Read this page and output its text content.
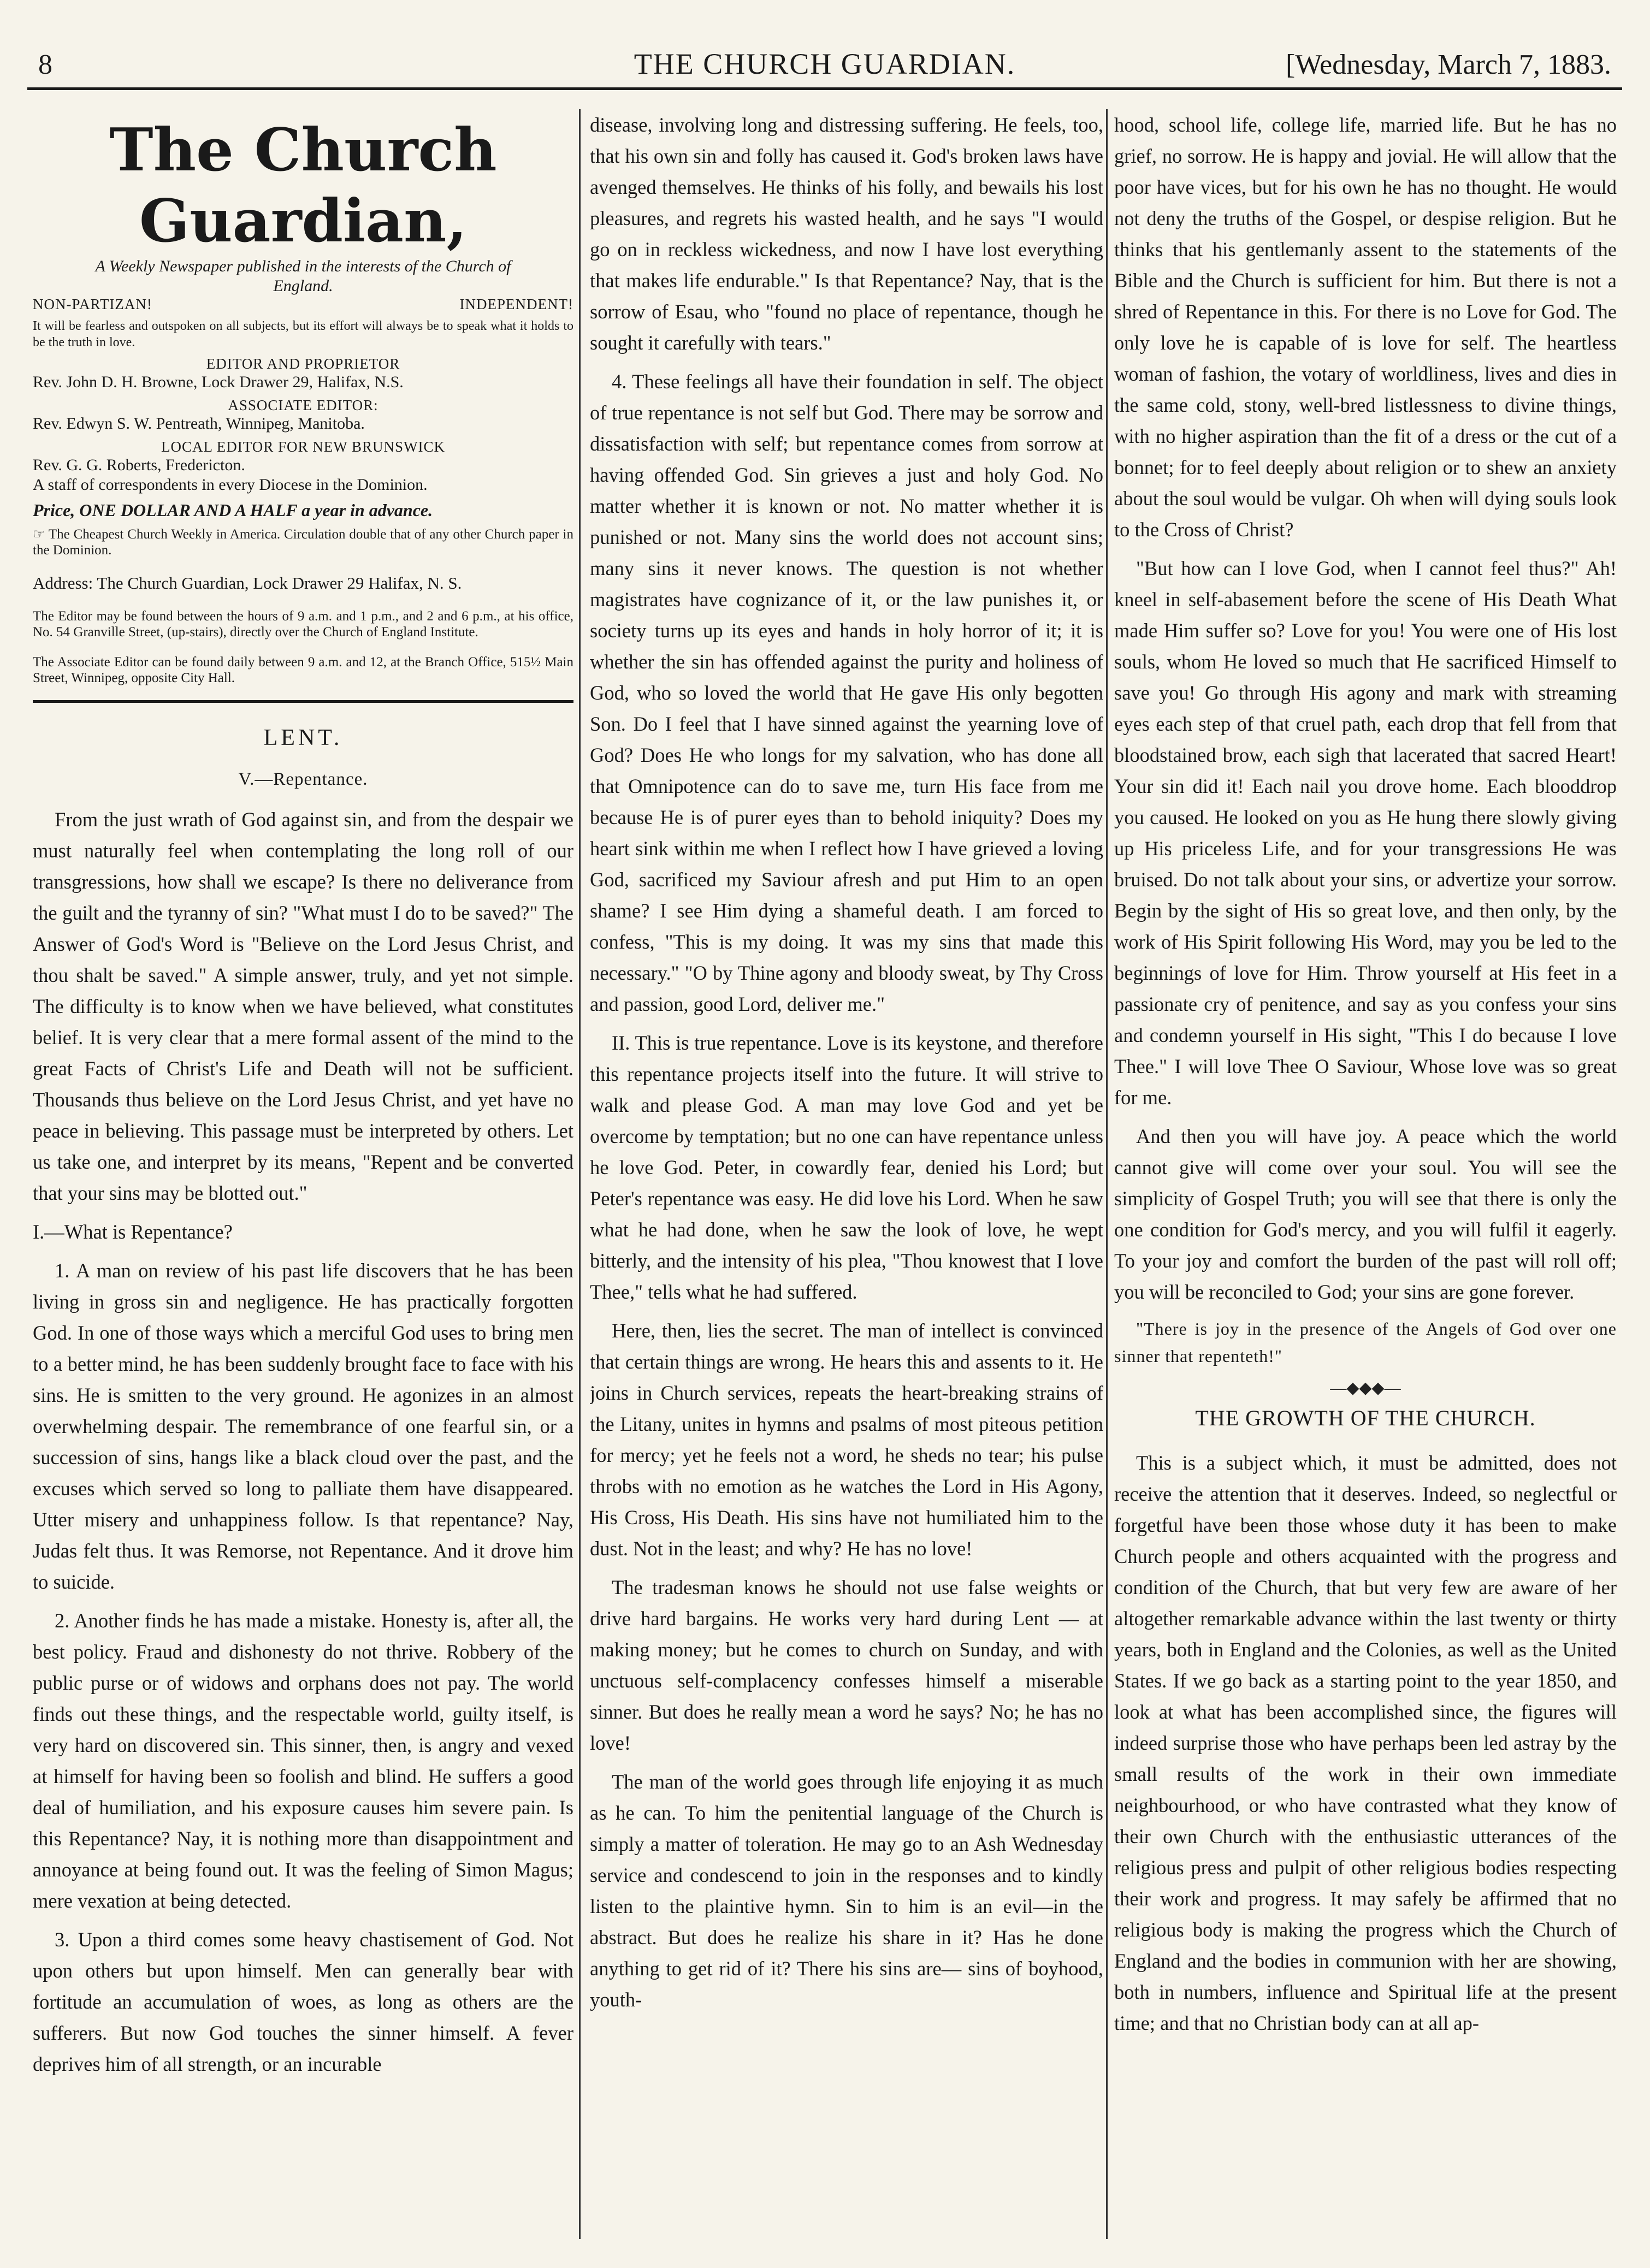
8	THE CHURCH GUARDIAN.	[Wednesday, March 7, 1883.
The Church Guardian,
A Weekly Newspaper published in the interests of the Church of England.
NON-PARTIZAN!	INDEPENDENT!

It will be fearless and outspoken on all subjects, but its effort will always be to speak what it holds to be the truth in love.

EDITOR AND PROPRIETOR

Rev. John D. H. Browne, Lock Drawer 29, Halifax, N.S.

ASSOCIATE EDITOR:

Rev. Edwyn S. W. Pentreath, Winnipeg, Manitoba.

LOCAL EDITOR FOR NEW BRUNSWICK

Rev. G. G. Roberts, Fredericton.

A staff of correspondents in every Diocese in the Dominion.

Price, ONE DOLLAR AND A HALF a year in advance.

☞ The Cheapest Church Weekly in America. Circulation double that of any other Church paper in the Dominion.

Address: The Church Guardian, Lock Drawer 29 Halifax, N. S.

The Editor may be found between the hours of 9 a.m. and 1 p.m., and 2 and 6 p.m., at his office, No. 54 Granville Street, (up-stairs), directly over the Church of England Institute.

The Associate Editor can be found daily between 9 a.m. and 12, at the Branch Office, 515½ Main Street, Winnipeg, opposite City Hall.

LENT.
V.—Repentance.

From the just wrath of God against sin, and from the despair we must naturally feel when contemplating the long roll of our transgressions, how shall we escape? Is there no deliverance from the guilt and the tyranny of sin? "What must I do to be saved?" The Answer of God's Word is "Believe on the Lord Jesus Christ, and thou shalt be saved." A simple answer, truly, and yet not simple. The difficulty is to know when we have believed, what constitutes belief. It is very clear that a mere formal assent of the mind to the great Facts of Christ's Life and Death will not be sufficient. Thousands thus believe on the Lord Jesus Christ, and yet have no peace in believing. This passage must be interpreted by others. Let us take one, and interpret by its means, "Repent and be converted that your sins may be blotted out."

I.—What is Repentance?

1. A man on review of his past life discovers that he has been living in gross sin and negligence. He has practically forgotten God. In one of those ways which a merciful God uses to bring men to a better mind, he has been suddenly brought face to face with his sins. He is smitten to the very ground. He agonizes in an almost overwhelming despair. The remembrance of one fearful sin, or a succession of sins, hangs like a black cloud over the past, and the excuses which served so long to palliate them have disappeared. Utter misery and unhappiness follow. Is that repentance? Nay, Judas felt thus. It was Remorse, not Repentance. And it drove him to suicide.

2. Another finds he has made a mistake. Honesty is, after all, the best policy. Fraud and dishonesty do not thrive. Robbery of the public purse or of widows and orphans does not pay. The world finds out these things, and the respectable world, guilty itself, is very hard on discovered sin. This sinner, then, is angry and vexed at himself for having been so foolish and blind. He suffers a good deal of humiliation, and his exposure causes him severe pain. Is this Repentance? Nay, it is nothing more than disappointment and annoyance at being found out. It was the feeling of Simon Magus; mere vexation at being detected.

3. Upon a third comes some heavy chastisement of God. Not upon others but upon himself. Men can generally bear with fortitude an accumulation of woes, as long as others are the sufferers. But now God touches the sinner himself. A fever deprives him of all strength, or an incurable

disease, involving long and distressing suffering. He feels, too, that his own sin and folly has caused it. God's broken laws have avenged themselves. He thinks of his folly, and bewails his lost pleasures, and regrets his wasted health, and he says "I would go on in reckless wickedness, and now I have lost everything that makes life endurable." Is that Repentance? Nay, that is the sorrow of Esau, who "found no place of repentance, though he sought it carefully with tears."

4. These feelings all have their foundation in self. The object of true repentance is not self but God. There may be sorrow and dissatisfaction with self; but repentance comes from sorrow at having offended God. Sin grieves a just and holy God. No matter whether it is known or not. No matter whether it is punished or not. Many sins the world does not account sins; many sins it never knows. The question is not whether magistrates have cognizance of it, or the law punishes it, or society turns up its eyes and hands in holy horror of it; it is whether the sin has offended against the purity and holiness of God, who so loved the world that He gave His only begotten Son. Do I feel that I have sinned against the yearning love of God? Does He who longs for my salvation, who has done all that Omnipotence can do to save me, turn His face from me because He is of purer eyes than to behold iniquity? Does my heart sink within me when I reflect how I have grieved a loving God, sacrificed my Saviour afresh and put Him to an open shame? I see Him dying a shameful death. I am forced to confess, "This is my doing. It was my sins that made this necessary." "O by Thine agony and bloody sweat, by Thy Cross and passion, good Lord, deliver me."

II. This is true repentance. Love is its keystone, and therefore this repentance projects itself into the future. It will strive to walk and please God. A man may love God and yet be overcome by temptation; but no one can have repentance unless he love God. Peter, in cowardly fear, denied his Lord; but Peter's repentance was easy. He did love his Lord. When he saw what he had done, when he saw the look of love, he wept bitterly, and the intensity of his plea, "Thou knowest that I love Thee," tells what he had suffered.

Here, then, lies the secret. The man of intellect is convinced that certain things are wrong. He hears this and assents to it. He joins in Church services, repeats the heart-breaking strains of the Litany, unites in hymns and psalms of most piteous petition for mercy; yet he feels not a word, he sheds no tear; his pulse throbs with no emotion as he watches the Lord in His Agony, His Cross, His Death. His sins have not humiliated him to the dust. Not in the least; and why? He has no love!

The tradesman knows he should not use false weights or drive hard bargains. He works very hard during Lent — at making money; but he comes to church on Sunday, and with unctuous self-complacency confesses himself a miserable sinner. But does he really mean a word he says? No; he has no love!

The man of the world goes through life enjoying it as much as he can. To him the penitential language of the Church is simply a matter of toleration. He may go to an Ash Wednesday service and condescend to join in the responses and to kindly listen to the plaintive hymn. Sin to him is an evil—in the abstract. But does he realize his share in it? Has he done anything to get rid of it? There his sins are— sins of boyhood, youth-

hood, school life, college life, married life. But he has no grief, no sorrow. He is happy and jovial. He will allow that the poor have vices, but for his own he has no thought. He would not deny the truths of the Gospel, or despise religion. But he thinks that his gentlemanly assent to the statements of the Bible and the Church is sufficient for him. But there is not a shred of Repentance in this. For there is no Love for God. The only love he is capable of is love for self. The heartless woman of fashion, the votary of worldliness, lives and dies in the same cold, stony, well-bred listlessness to divine things, with no higher aspiration than the fit of a dress or the cut of a bonnet; for to feel deeply about religion or to shew an anxiety about the soul would be vulgar. Oh when will dying souls look to the Cross of Christ?

"But how can I love God, when I cannot feel thus?" Ah! kneel in self-abasement before the scene of His Death What made Him suffer so? Love for you! You were one of His lost souls, whom He loved so much that He sacrificed Himself to save you! Go through His agony and mark with streaming eyes each step of that cruel path, each drop that fell from that bloodstained brow, each sigh that lacerated that sacred Heart! Your sin did it! Each nail you drove home. Each blooddrop you caused. He looked on you as He hung there slowly giving up His priceless Life, and for your transgressions He was bruised. Do not talk about your sins, or advertize your sorrow. Begin by the sight of His so great love, and then only, by the work of His Spirit following His Word, may you be led to the beginnings of love for Him. Throw yourself at His feet in a passionate cry of penitence, and say as you confess your sins and condemn yourself in His sight, "This I do because I love Thee." I will love Thee O Saviour, Whose love was so great for me.

And then you will have joy. A peace which the world cannot give will come over your soul. You will see the simplicity of Gospel Truth; you will see that there is only the one condition for God's mercy, and you will fulfil it eagerly. To your joy and comfort the burden of the past will roll off; you will be reconciled to God; your sins are gone forever.

"There is joy in the presence of the Angels of God over one sinner that repenteth!"

—◆◆◆—
THE GROWTH OF THE CHURCH.

This is a subject which, it must be admitted, does not receive the attention that it deserves. Indeed, so neglectful or forgetful have been those whose duty it has been to make Church people and others acquainted with the progress and condition of the Church, that but very few are aware of her altogether remarkable advance within the last twenty or thirty years, both in England and the Colonies, as well as the United States. If we go back as a starting point to the year 1850, and look at what has been accomplished since, the figures will indeed surprise those who have perhaps been led astray by the small results of the work in their own immediate neighbourhood, or who have contrasted what they know of their own Church with the enthusiastic utterances of the religious press and pulpit of other religious bodies respecting their work and progress. It may safely be affirmed that no religious body is making the progress which the Church of England and the bodies in communion with her are showing, both in numbers, influence and Spiritual life at the present time; and that no Christian body can at all ap-
